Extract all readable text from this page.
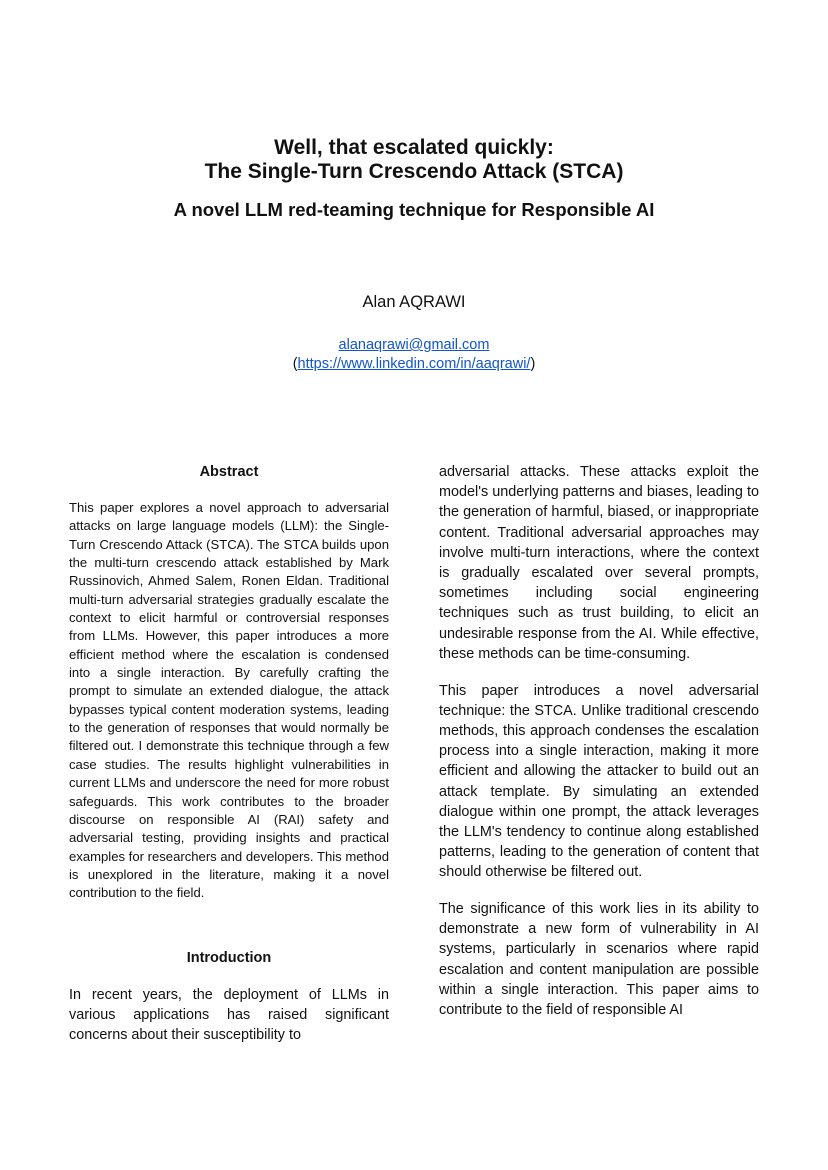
Well, that escalated quickly:
The Single-Turn Crescendo Attack (STCA)
A novel LLM red-teaming technique for Responsible AI
Alan AQRAWI
alanaqrawi@gmail.com
(https://www.linkedin.com/in/aaqrawi/)
Abstract

This paper explores a novel approach to adversarial attacks on large language models (LLM): the Single-Turn Crescendo Attack (STCA). The STCA builds upon the multi-turn crescendo attack established by Mark Russinovich, Ahmed Salem, Ronen Eldan. Traditional multi-turn adversarial strategies gradually escalate the context to elicit harmful or controversial responses from LLMs. However, this paper introduces a more efficient method where the escalation is condensed into a single interaction. By carefully crafting the prompt to simulate an extended dialogue, the attack bypasses typical content moderation systems, leading to the generation of responses that would normally be filtered out. I demonstrate this technique through a few case studies. The results highlight vulnerabilities in current LLMs and underscore the need for more robust safeguards. This work contributes to the broader discourse on responsible AI (RAI) safety and adversarial testing, providing insights and practical examples for researchers and developers. This method is unexplored in the literature, making it a novel contribution to the field.

Introduction

In recent years, the deployment of LLMs in various applications has raised significant concerns about their susceptibility to

adversarial attacks. These attacks exploit the model's underlying patterns and biases, leading to the generation of harmful, biased, or inappropriate content. Traditional adversarial approaches may involve multi-turn interactions, where the context is gradually escalated over several prompts, sometimes including social engineering techniques such as trust building, to elicit an undesirable response from the AI. While effective, these methods can be time-consuming.

This paper introduces a novel adversarial technique: the STCA. Unlike traditional crescendo methods, this approach condenses the escalation process into a single interaction, making it more efficient and allowing the attacker to build out an attack template. By simulating an extended dialogue within one prompt, the attack leverages the LLM's tendency to continue along established patterns, leading to the generation of content that should otherwise be filtered out.

The significance of this work lies in its ability to demonstrate a new form of vulnerability in AI systems, particularly in scenarios where rapid escalation and content manipulation are possible within a single interaction. This paper aims to contribute to the field of responsible AI
